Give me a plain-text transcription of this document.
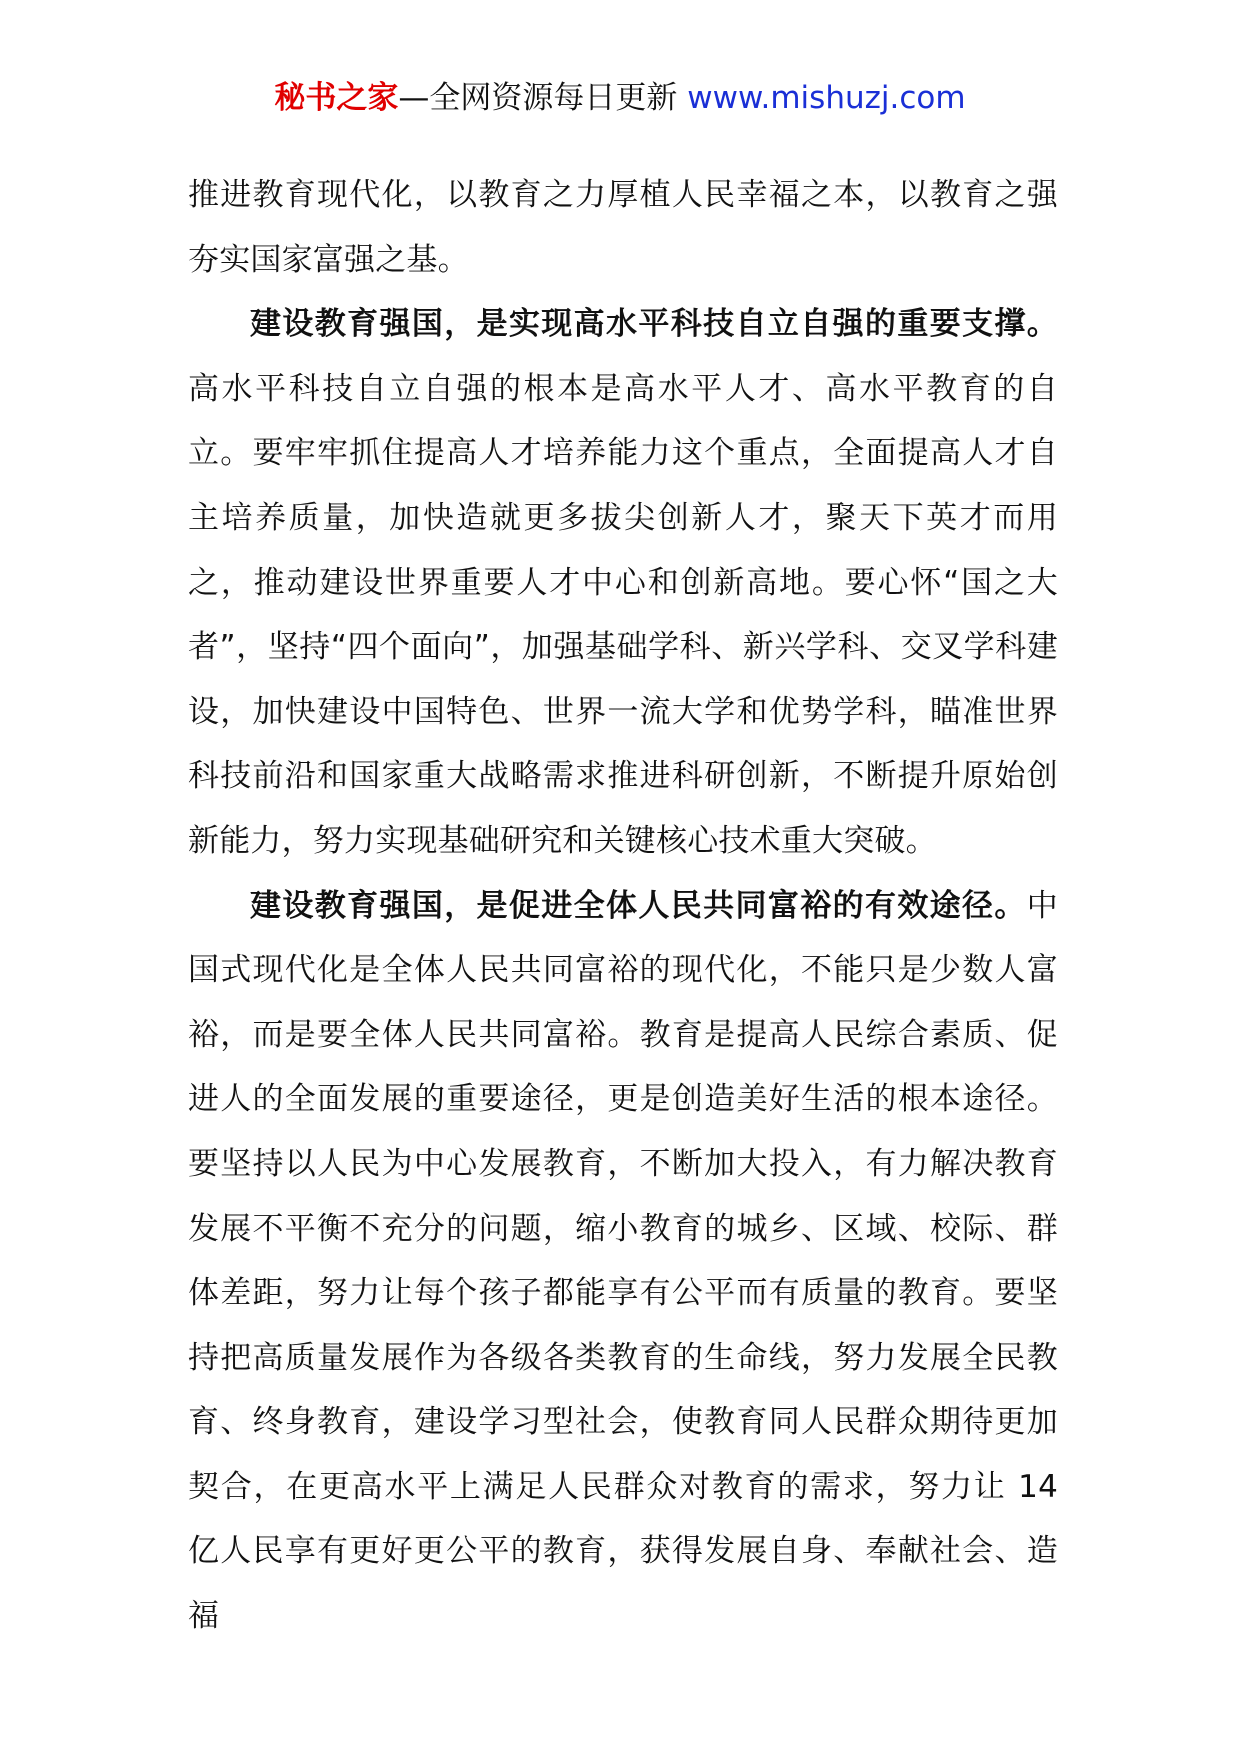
秘书之家—全网资源每日更新 www.mishuzj.com

推进教育现代化，以教育之力厚植人民幸福之本，以教育之强夯实国家富强之基。

建设教育强国，是实现高水平科技自立自强的重要支撑。高水平科技自立自强的根本是高水平人才、高水平教育的自立。要牢牢抓住提高人才培养能力这个重点，全面提高人才自主培养质量，加快造就更多拔尖创新人才，聚天下英才而用之，推动建设世界重要人才中心和创新高地。要心怀“国之大者”，坚持“四个面向”，加强基础学科、新兴学科、交叉学科建设，加快建设中国特色、世界一流大学和优势学科，瞄准世界科技前沿和国家重大战略需求推进科研创新，不断提升原始创新能力，努力实现基础研究和关键核心技术重大突破。

建设教育强国，是促进全体人民共同富裕的有效途径。中国式现代化是全体人民共同富裕的现代化，不能只是少数人富裕，而是要全体人民共同富裕。教育是提高人民综合素质、促进人的全面发展的重要途径，更是创造美好生活的根本途径。要坚持以人民为中心发展教育，不断加大投入，有力解决教育发展不平衡不充分的问题，缩小教育的城乡、区域、校际、群体差距，努力让每个孩子都能享有公平而有质量的教育。要坚持把高质量发展作为各级各类教育的生命线，努力发展全民教育、终身教育，建设学习型社会，使教育同人民群众期待更加契合，在更高水平上满足人民群众对教育的需求，努力让 14 亿人民享有更好更公平的教育，获得发展自身、奉献社会、造福
